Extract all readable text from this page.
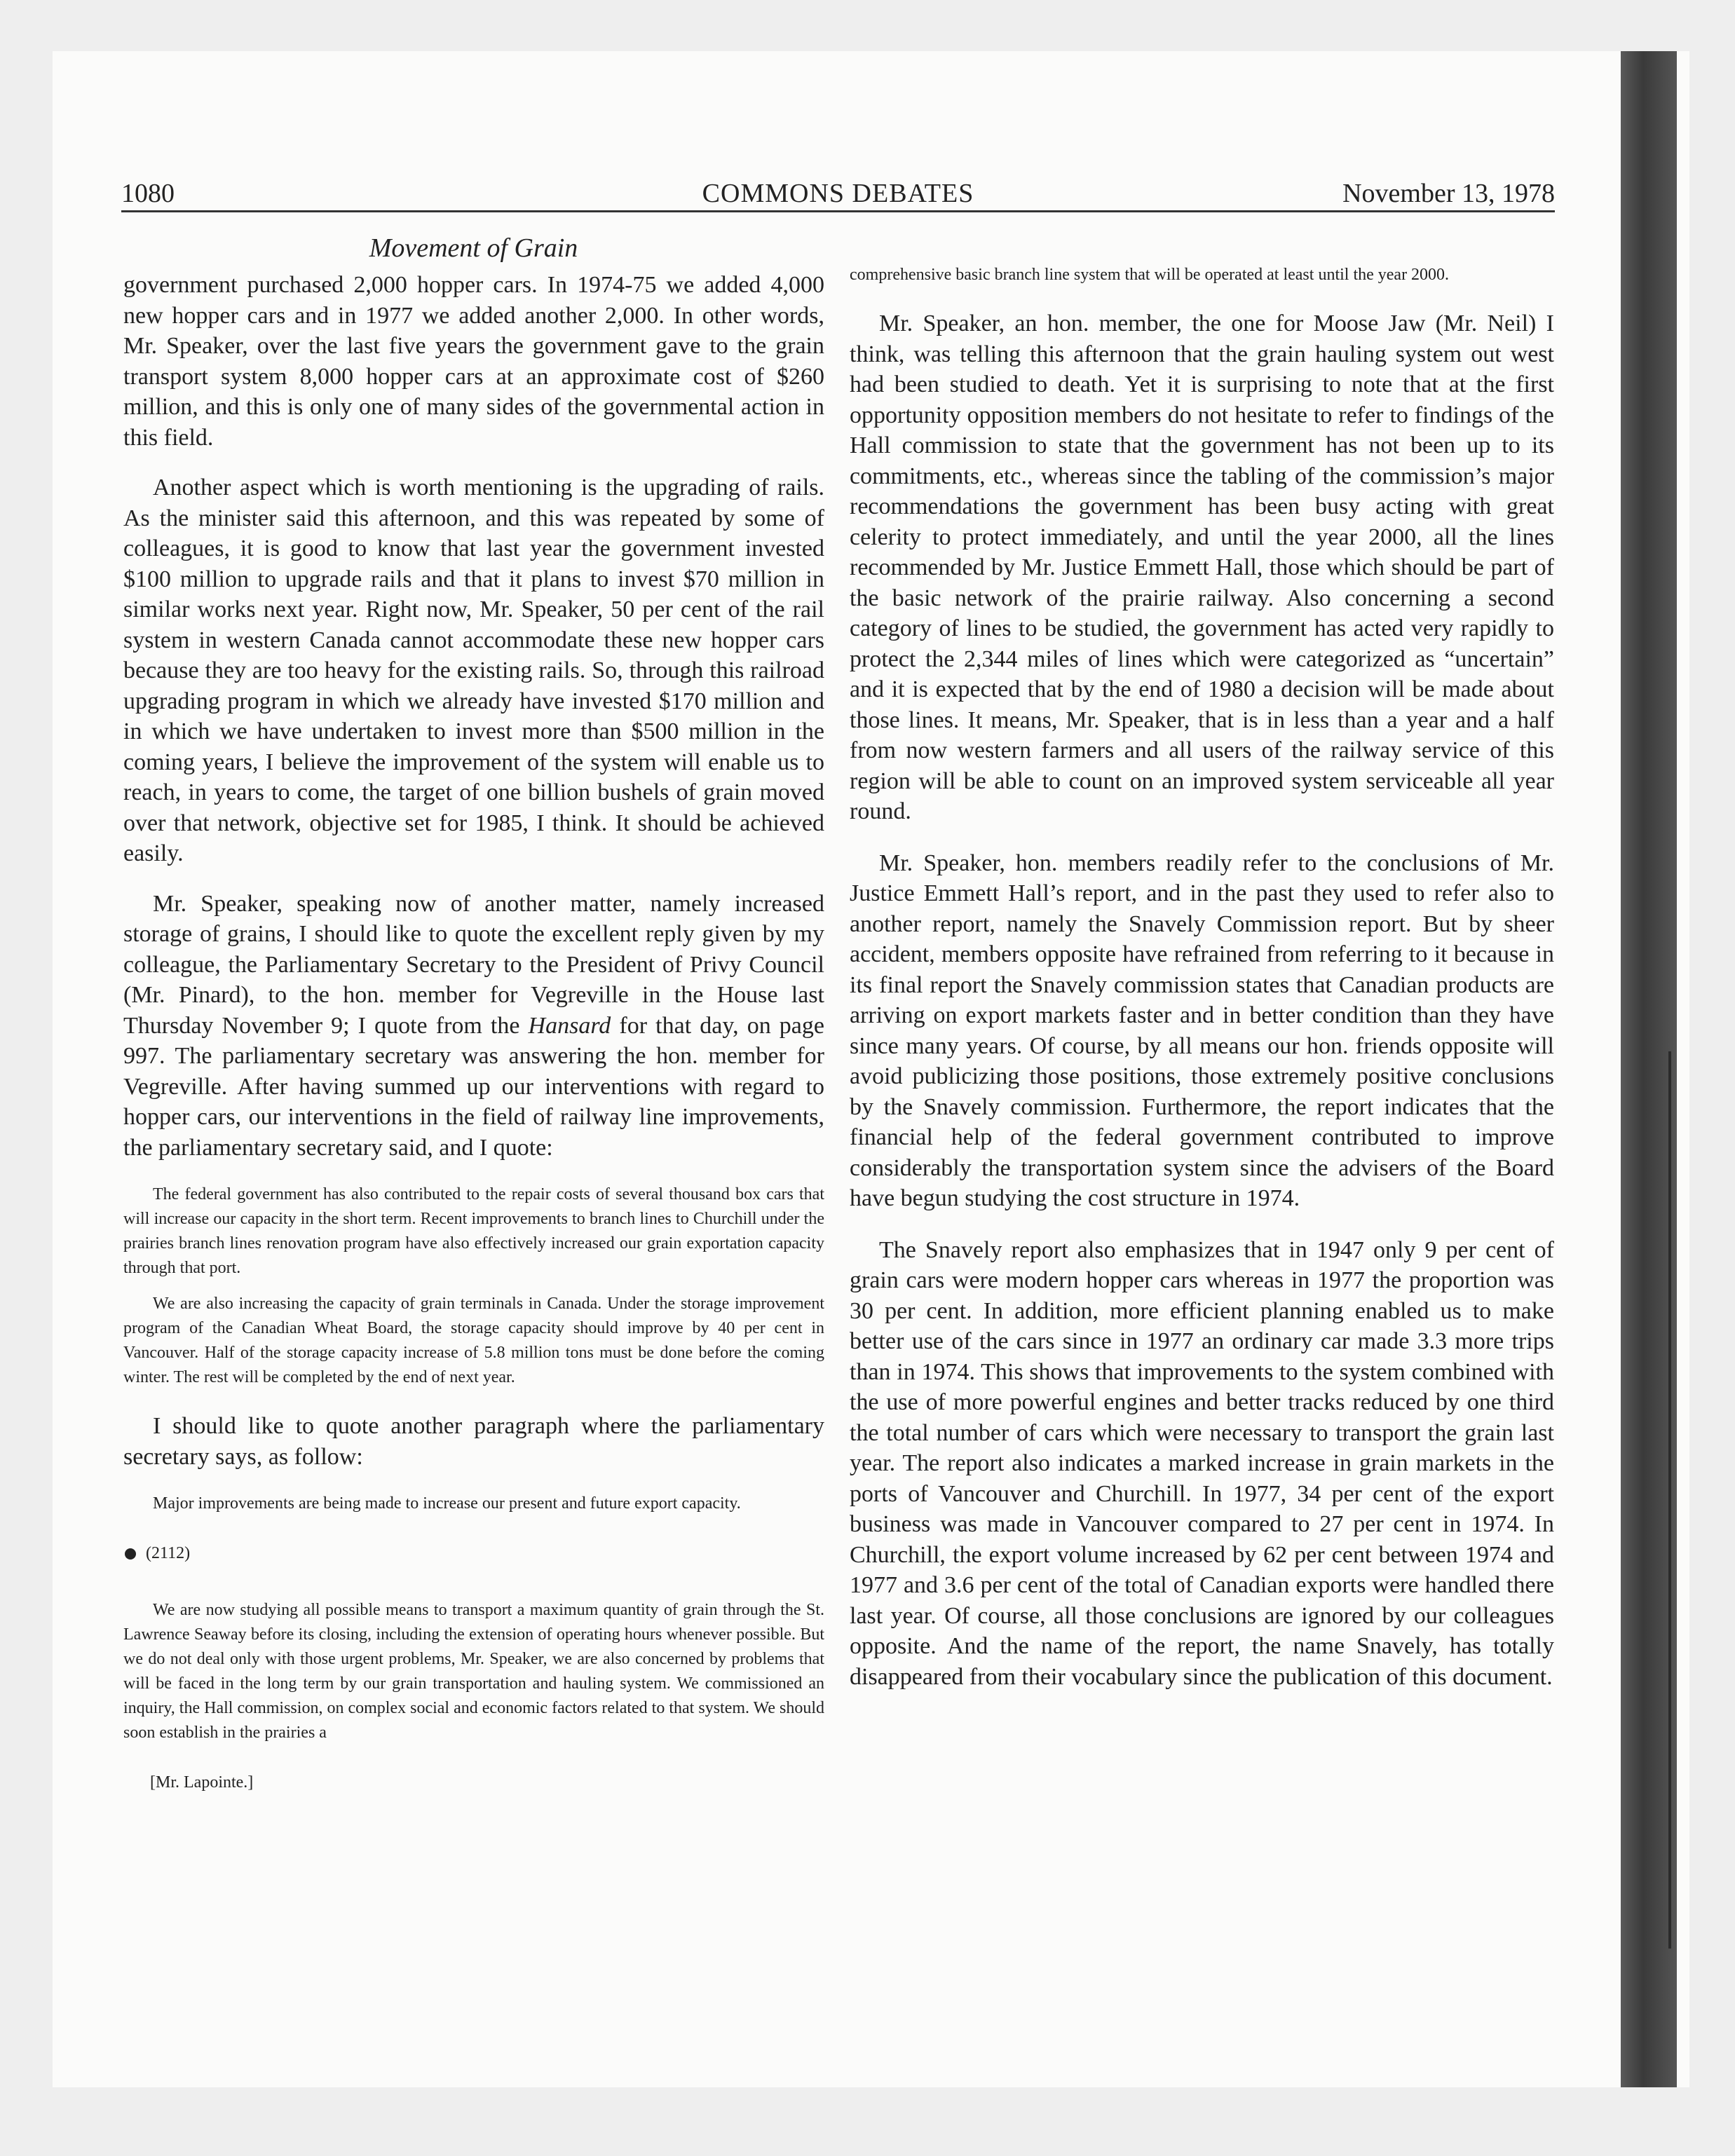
1080	COMMONS DEBATES	November 13, 1978
Movement of Grain

government purchased 2,000 hopper cars. In 1974-75 we added 4,000 new hopper cars and in 1977 we added another 2,000. In other words, Mr. Speaker, over the last five years the government gave to the grain transport system 8,000 hopper cars at an approximate cost of $260 million, and this is only one of many sides of the governmental action in this field.

Another aspect which is worth mentioning is the upgrading of rails. As the minister said this afternoon, and this was repeated by some of colleagues, it is good to know that last year the government invested $100 million to upgrade rails and that it plans to invest $70 million in similar works next year. Right now, Mr. Speaker, 50 per cent of the rail system in western Canada cannot accommodate these new hopper cars because they are too heavy for the existing rails. So, through this railroad upgrading program in which we already have invested $170 million and in which we have undertaken to invest more than $500 million in the coming years, I believe the improvement of the system will enable us to reach, in years to come, the target of one billion bushels of grain moved over that network, objective set for 1985, I think. It should be achieved easily.

Mr. Speaker, speaking now of another matter, namely increased storage of grains, I should like to quote the excellent reply given by my colleague, the Parliamentary Secretary to the President of Privy Council (Mr. Pinard), to the hon. member for Vegreville in the House last Thursday November 9; I quote from the Hansard for that day, on page 997. The parliamentary secretary was answering the hon. member for Vegreville. After having summed up our interventions with regard to hopper cars, our interventions in the field of railway line improvements, the parliamentary secretary said, and I quote:

The federal government has also contributed to the repair costs of several thousand box cars that will increase our capacity in the short term. Recent improvements to branch lines to Churchill under the prairies branch lines renovation program have also effectively increased our grain exportation capacity through that port.

We are also increasing the capacity of grain terminals in Canada. Under the storage improvement program of the Canadian Wheat Board, the storage capacity should improve by 40 per cent in Vancouver. Half of the storage capacity increase of 5.8 million tons must be done before the coming winter. The rest will be completed by the end of next year.

I should like to quote another paragraph where the parliamentary secretary says, as follow:

Major improvements are being made to increase our present and future export capacity.

(2112)

We are now studying all possible means to transport a maximum quantity of grain through the St. Lawrence Seaway before its closing, including the extension of operating hours whenever possible. But we do not deal only with those urgent problems, Mr. Speaker, we are also concerned by problems that will be faced in the long term by our grain transportation and hauling system. We commissioned an inquiry, the Hall commission, on complex social and economic factors related to that system. We should soon establish in the prairies a

[Mr. Lapointe.]

comprehensive basic branch line system that will be operated at least until the year 2000.

Mr. Speaker, an hon. member, the one for Moose Jaw (Mr. Neil) I think, was telling this afternoon that the grain hauling system out west had been studied to death. Yet it is surprising to note that at the first opportunity opposition members do not hesitate to refer to findings of the Hall commission to state that the government has not been up to its commitments, etc., whereas since the tabling of the commission’s major recommendations the government has been busy acting with great celerity to protect immediately, and until the year 2000, all the lines recommended by Mr. Justice Emmett Hall, those which should be part of the basic network of the prairie railway. Also concerning a second category of lines to be studied, the government has acted very rapidly to protect the 2,344 miles of lines which were categorized as “uncertain” and it is expected that by the end of 1980 a decision will be made about those lines. It means, Mr. Speaker, that is in less than a year and a half from now western farmers and all users of the railway service of this region will be able to count on an improved system serviceable all year round.

Mr. Speaker, hon. members readily refer to the conclusions of Mr. Justice Emmett Hall’s report, and in the past they used to refer also to another report, namely the Snavely Commission report. But by sheer accident, members opposite have refrained from referring to it because in its final report the Snavely commission states that Canadian products are arriving on export markets faster and in better condition than they have since many years. Of course, by all means our hon. friends opposite will avoid publicizing those positions, those extremely positive conclusions by the Snavely commission. Furthermore, the report indicates that the financial help of the federal government contributed to improve considerably the transportation system since the advisers of the Board have begun studying the cost structure in 1974.

The Snavely report also emphasizes that in 1947 only 9 per cent of grain cars were modern hopper cars whereas in 1977 the proportion was 30 per cent. In addition, more efficient planning enabled us to make better use of the cars since in 1977 an ordinary car made 3.3 more trips than in 1974. This shows that improvements to the system combined with the use of more powerful engines and better tracks reduced by one third the total number of cars which were necessary to transport the grain last year. The report also indicates a marked increase in grain markets in the ports of Vancouver and Churchill. In 1977, 34 per cent of the export business was made in Vancouver compared to 27 per cent in 1974. In Churchill, the export volume increased by 62 per cent between 1974 and 1977 and 3.6 per cent of the total of Canadian exports were handled there last year. Of course, all those conclusions are ignored by our colleagues opposite. And the name of the report, the name Snavely, has totally disappeared from their vocabulary since the publication of this document.
